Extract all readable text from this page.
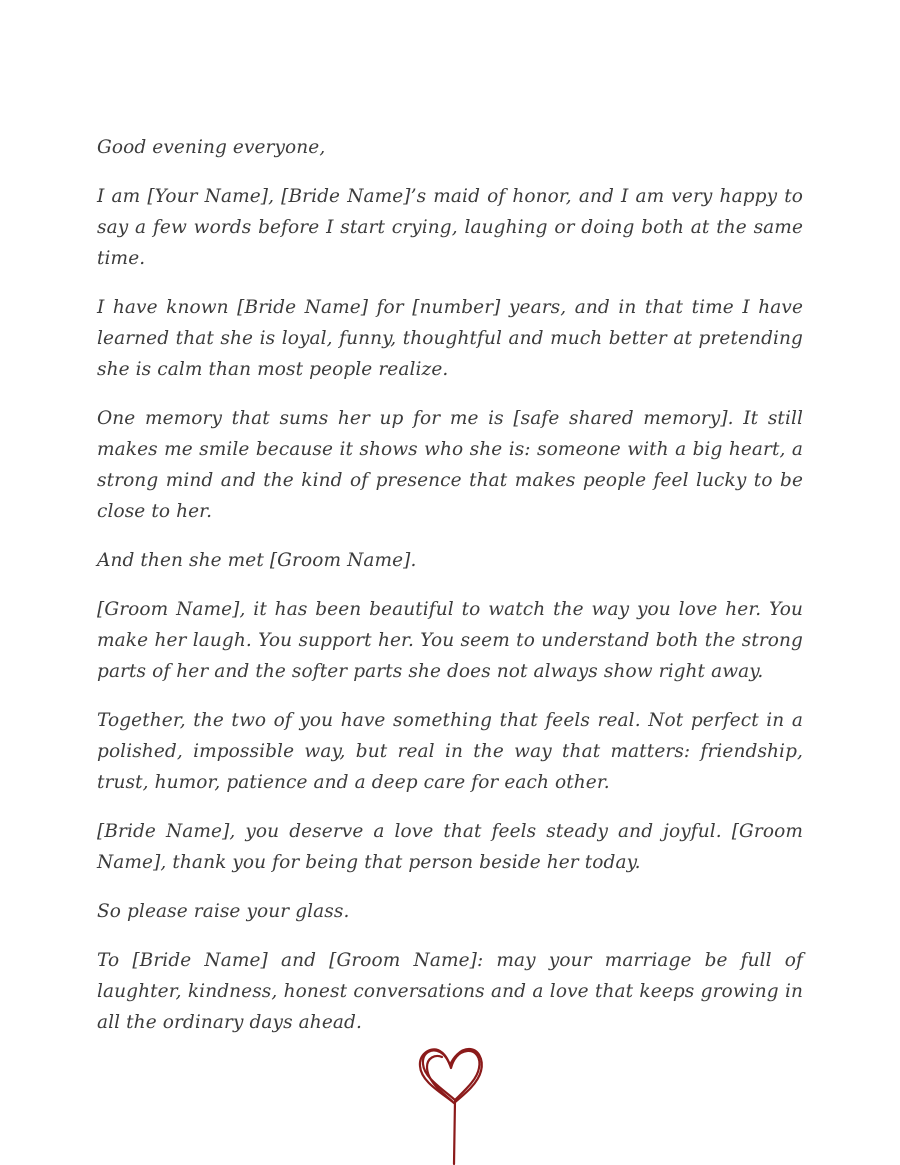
Good evening everyone,

I am [Your Name], [Bride Name]’s maid of honor, and I am very happy to say a few words before I start crying, laughing or doing both at the same time.

I have known [Bride Name] for [number] years, and in that time I have learned that she is loyal, funny, thoughtful and much better at pretending she is calm than most people realize.

One memory that sums her up for me is [safe shared memory]. It still makes me smile because it shows who she is: someone with a big heart, a strong mind and the kind of presence that makes people feel lucky to be close to her.

And then she met [Groom Name].

[Groom Name], it has been beautiful to watch the way you love her. You make her laugh. You support her. You seem to understand both the strong parts of her and the softer parts she does not always show right away.

Together, the two of you have something that feels real. Not perfect in a polished, impossible way, but real in the way that matters: friendship, trust, humor, patience and a deep care for each other.

[Bride Name], you deserve a love that feels steady and joyful. [Groom Name], thank you for being that person beside her today.

So please raise your glass.

To [Bride Name] and [Groom Name]: may your marriage be full of laughter, kindness, honest conversations and a love that keeps growing in all the ordinary days ahead.
